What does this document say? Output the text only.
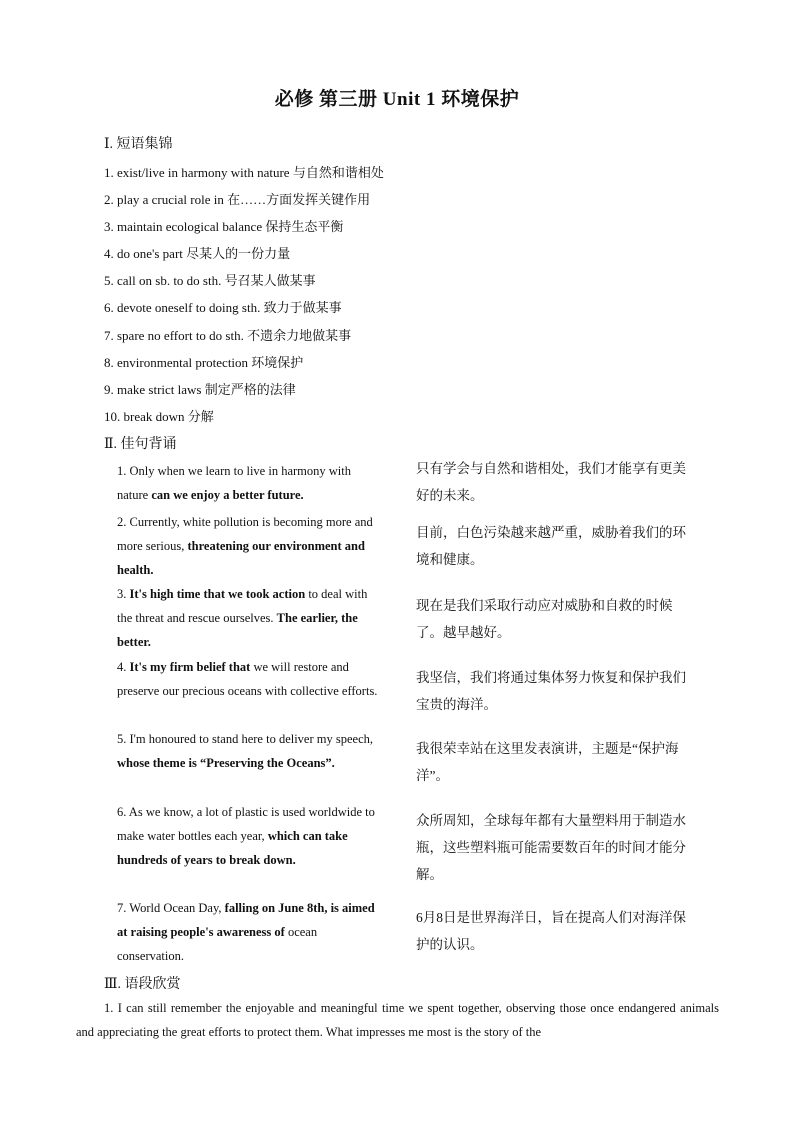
必修 第三册 Unit 1 环境保护
Ⅰ. 短语集锦
1. exist/live in harmony with nature 与自然和谐相处
2. play a crucial role in 在……方面发挥关键作用
3. maintain ecological balance 保持生态平衡
4. do one's part 尽某人的一份力量
5. call on sb. to do sth. 号召某人做某事
6. devote oneself to doing sth. 致力于做某事
7. spare no effort to do sth. 不遗余力地做某事
8. environmental protection 环境保护
9. make strict laws 制定严格的法律
10. break down 分解
Ⅱ. 佳句背诵
1. Only when we learn to live in harmony with nature can we enjoy a better future.
只有学会与自然和谐相处，我们才能享有更美好的未来。
2. Currently, white pollution is becoming more and more serious, threatening our environment and health.
目前，白色污染越来越严重，威胁着我们的环境和健康。
3. It's high time that we took action to deal with the threat and rescue ourselves. The earlier, the better.
现在是我们采取行动应对威胁和自救的时候了。越早越好。
4. It's my firm belief that we will restore and preserve our precious oceans with collective efforts.
我坚信，我们将通过集体努力恢复和保护我们宝贵的海洋。
5. I'm honoured to stand here to deliver my speech, whose theme is “Preserving the Oceans”.
我很荣幸站在这里发表演讲，主题是“保护海洋”。
6. As we know, a lot of plastic is used worldwide to make water bottles each year, which can take hundreds of years to break down.
众所周知，全球每年都有大量塑料用于制造水瓶，这些塑料瓶可能需要数百年的时间才能分解。
7. World Ocean Day, falling on June 8th, is aimed at raising people's awareness of ocean conservation.
6月8日是世界海洋日，旨在提高人们对海洋保护的认识。
Ⅲ. 语段欣赏
1. I can still remember the enjoyable and meaningful time we spent together, observing those once endangered animals and appreciating the great efforts to protect them. What impresses me most is the story of the
